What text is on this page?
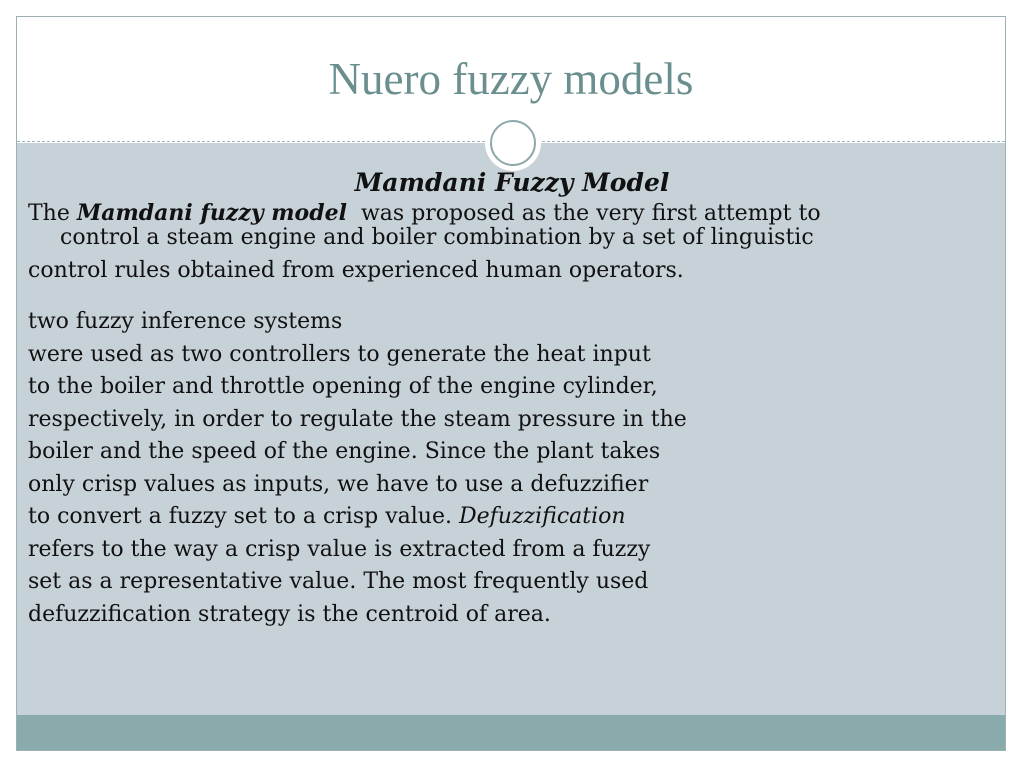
Nuero fuzzy models
Mamdani Fuzzy Model
The Mamdani fuzzy model  was proposed as the very first attempt to
control a steam engine and boiler combination by a set of linguistic
control rules obtained from experienced human operators.
two fuzzy inference systems
were used as two controllers to generate the heat input
to the boiler and throttle opening of the engine cylinder,
respectively, in order to regulate the steam pressure in the
boiler and the speed of the engine. Since the plant takes
only crisp values as inputs, we have to use a defuzzifier
to convert a fuzzy set to a crisp value. Defuzzification
refers to the way a crisp value is extracted from a fuzzy
set as a representative value. The most frequently used
defuzzification strategy is the centroid of area.
